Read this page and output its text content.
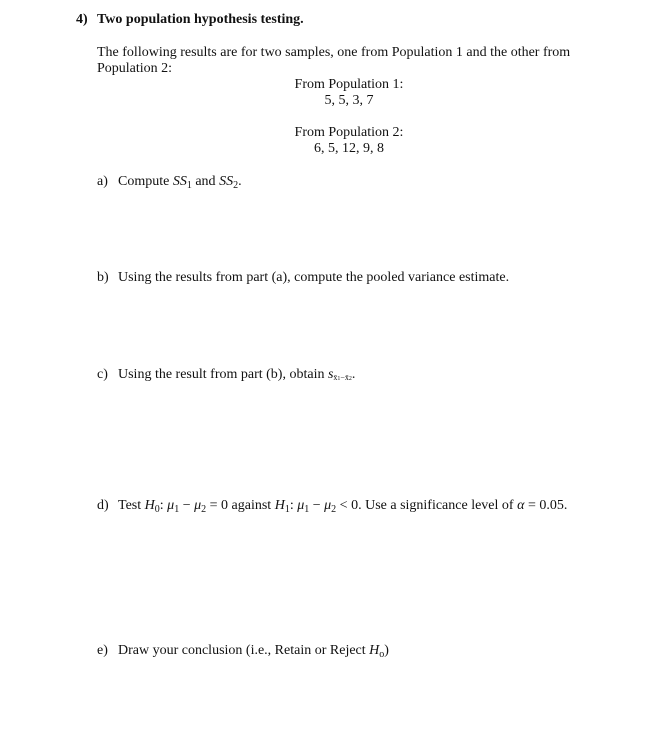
4) Two population hypothesis testing.
The following results are for two samples, one from Population 1 and the other from
Population 2:
From Population 1:
5, 5, 3, 7
From Population 2:
6, 5, 12, 9, 8
a) Compute $SS_1$ and $SS_2$.
b) Using the results from part (a), compute the pooled variance estimate.
c) Using the result from part (b), obtain sx̄1−x̄2.
d) Test $H_0$: $\mu_1 - \mu_2 = 0$ against $H_1$: $\mu_1 - \mu_2 < 0$. Use a significance level of α = 0.05.
e) Draw your conclusion (i.e., Retain or Reject $H_o$)
